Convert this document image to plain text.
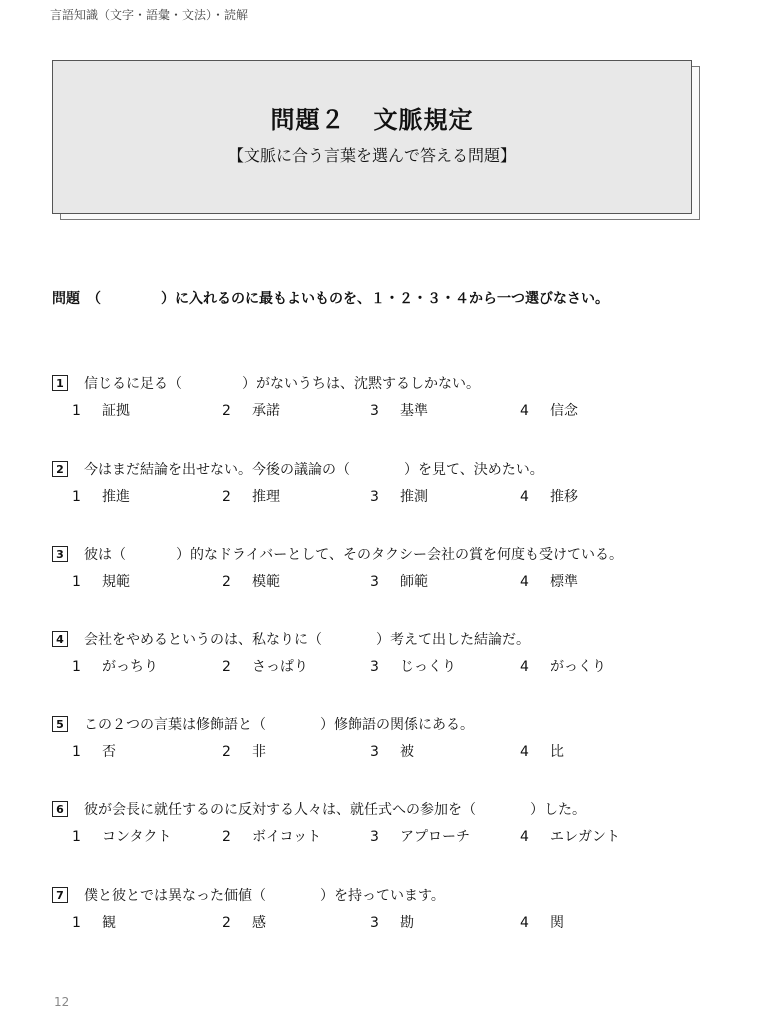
言語知識（文字・語彙・文法）・読解
問題２ 文脈規定
【文脈に合う言葉を選んで答える問題】
問題　（	）に入れるのに最もよいものを、１・２・３・４から一つ選びなさい。
1 信じるに足る（	）がないうちは、沈黙するしかない。
1 証拠	2 承諾	3 基準	4 信念
2 今はまだ結論を出せない。今後の議論の（	）を見て、決めたい。
1 推進	2 推理	3 推測	4 推移
3 彼は（	）的なドライバーとして、そのタクシー会社の賞を何度も受けている。
1 規範	2 模範	3 師範	4 標準
4 会社をやめるというのは、私なりに（	）考えて出した結論だ。
1 がっちり	2 さっぱり	3 じっくり	4 がっくり
5 この２つの言葉は修飾語と（	）修飾語の関係にある。
1 否	2 非	3 被	4 比
6 彼が会長に就任するのに反対する人々は、就任式への参加を（	）した。
1 コンタクト	2 ボイコット	3 アプローチ	4 エレガント
7 僕と彼とでは異なった価値（	）を持っています。
1 観	2 感	3 勘	4 関
12
